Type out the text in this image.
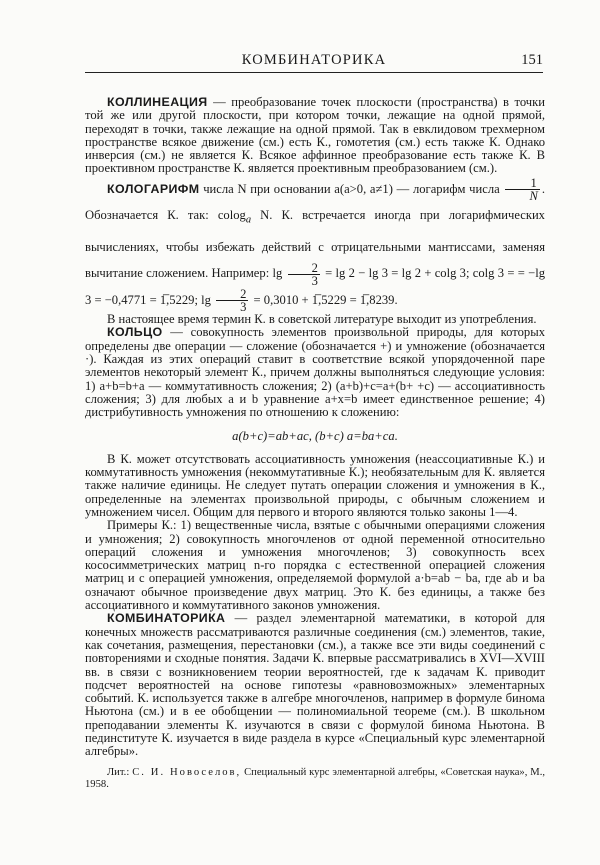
КОМБИНАТОРИКА	151

КОЛЛИНЕАЦИЯ — преобразование точек плоскости (пространства) в точки той же или другой плоскости, при котором точки, лежащие на одной прямой, переходят в точки, также лежащие на одной прямой. Так в евклидовом трехмерном пространстве всякое движение (см.) есть К., гомотетия (см.) есть также К. Однако инверсия (см.) не является К. Всякое аффинное преобразование есть также К. В проективном пространстве К. является проективным преобразованием (см.).

КОЛОГАРИФМ числа N при основании a(a>0, a≠1) — логарифм числа $\frac{1}{N}$ . Обозначается К. так: colog$_a$ N. К. встречается иногда при логарифмических вычислениях, чтобы избежать действий с отрицательными мантиссами, заменяя вычитание сложением. Например: $\lg \frac{2}{3} = \lg 2 - \lg 3 = \lg 2 + colg$ 3; colg 3 = = −lg 3 = −0,4771 = 1̅,5229; $\lg \frac{2}{3} = 0,3010$ + 1̅,5229 = 1̅,8239.

В настоящее время термин К. в советской литературе выходит из употребления.

КОЛЬЦО — совокупность элементов произвольной природы, для которых определены две операции — сложение (обозначается +) и умножение (обозначается ·). Каждая из этих операций ставит в соответствие всякой упорядоченной паре элементов некоторый элемент К., причем должны выполняться следующие условия: 1) a+b=b+a — коммутативность сложения; 2) (a+b)+c=a+(b+ +c) — ассоциативность сложения; 3) для любых a и b уравнение a+x=b имеет единственное решение; 4) дистрибутивность умножения по отношению к сложению:

a(b+c)=ab+ac, (b+c) a=ba+ca.

В К. может отсутствовать ассоциативность умножения (неассоциативные К.) и коммутативность умножения (некоммутативные К.); необязательным для К. является также наличие единицы. Не следует путать операции сложения и умножения в К., определенные на элементах произвольной природы, с обычным сложением и умножением чисел. Общим для первого и второго являются только законы 1—4.

Примеры К.: 1) вещественные числа, взятые с обычными операциями сложения и умножения; 2) совокупность многочленов от одной переменной относительно операций сложения и умножения многочленов; 3) совокупность всех кососимметрических матриц n-го порядка с естественной операцией сложения матриц и с операцией умножения, определяемой формулой a·b=ab − ba, где ab и ba означают обычное произведение двух матриц. Это К. без единицы, а также без ассоциативного и коммутативного законов умножения.

КОМБИНАТОРИКА — раздел элементарной математики, в которой для конечных множеств рассматриваются различные соединения (см.) элементов, такие, как сочетания, размещения, перестановки (см.), а также все эти виды соединений с повторениями и сходные понятия. Задачи К. впервые рассматривались в XVI—XVIII вв. в связи с возникновением теории вероятностей, где к задачам К. приводит подсчет вероятностей на основе гипотезы «равновозможных» элементарных событий. К. используется также в алгебре многочленов, например в формуле бинома Ньютона (см.) и в ее обобщении — полиномиальной теореме (см.). В школьном преподавании элементы К. изучаются в связи с формулой бинома Ньютона. В пединституте К. изучается в виде раздела в курсе «Специальный курс элементарной алгебры».

Лит.: С. И. Новоселов, Специальный курс элементарной алгебры, «Советская наука», М., 1958.
